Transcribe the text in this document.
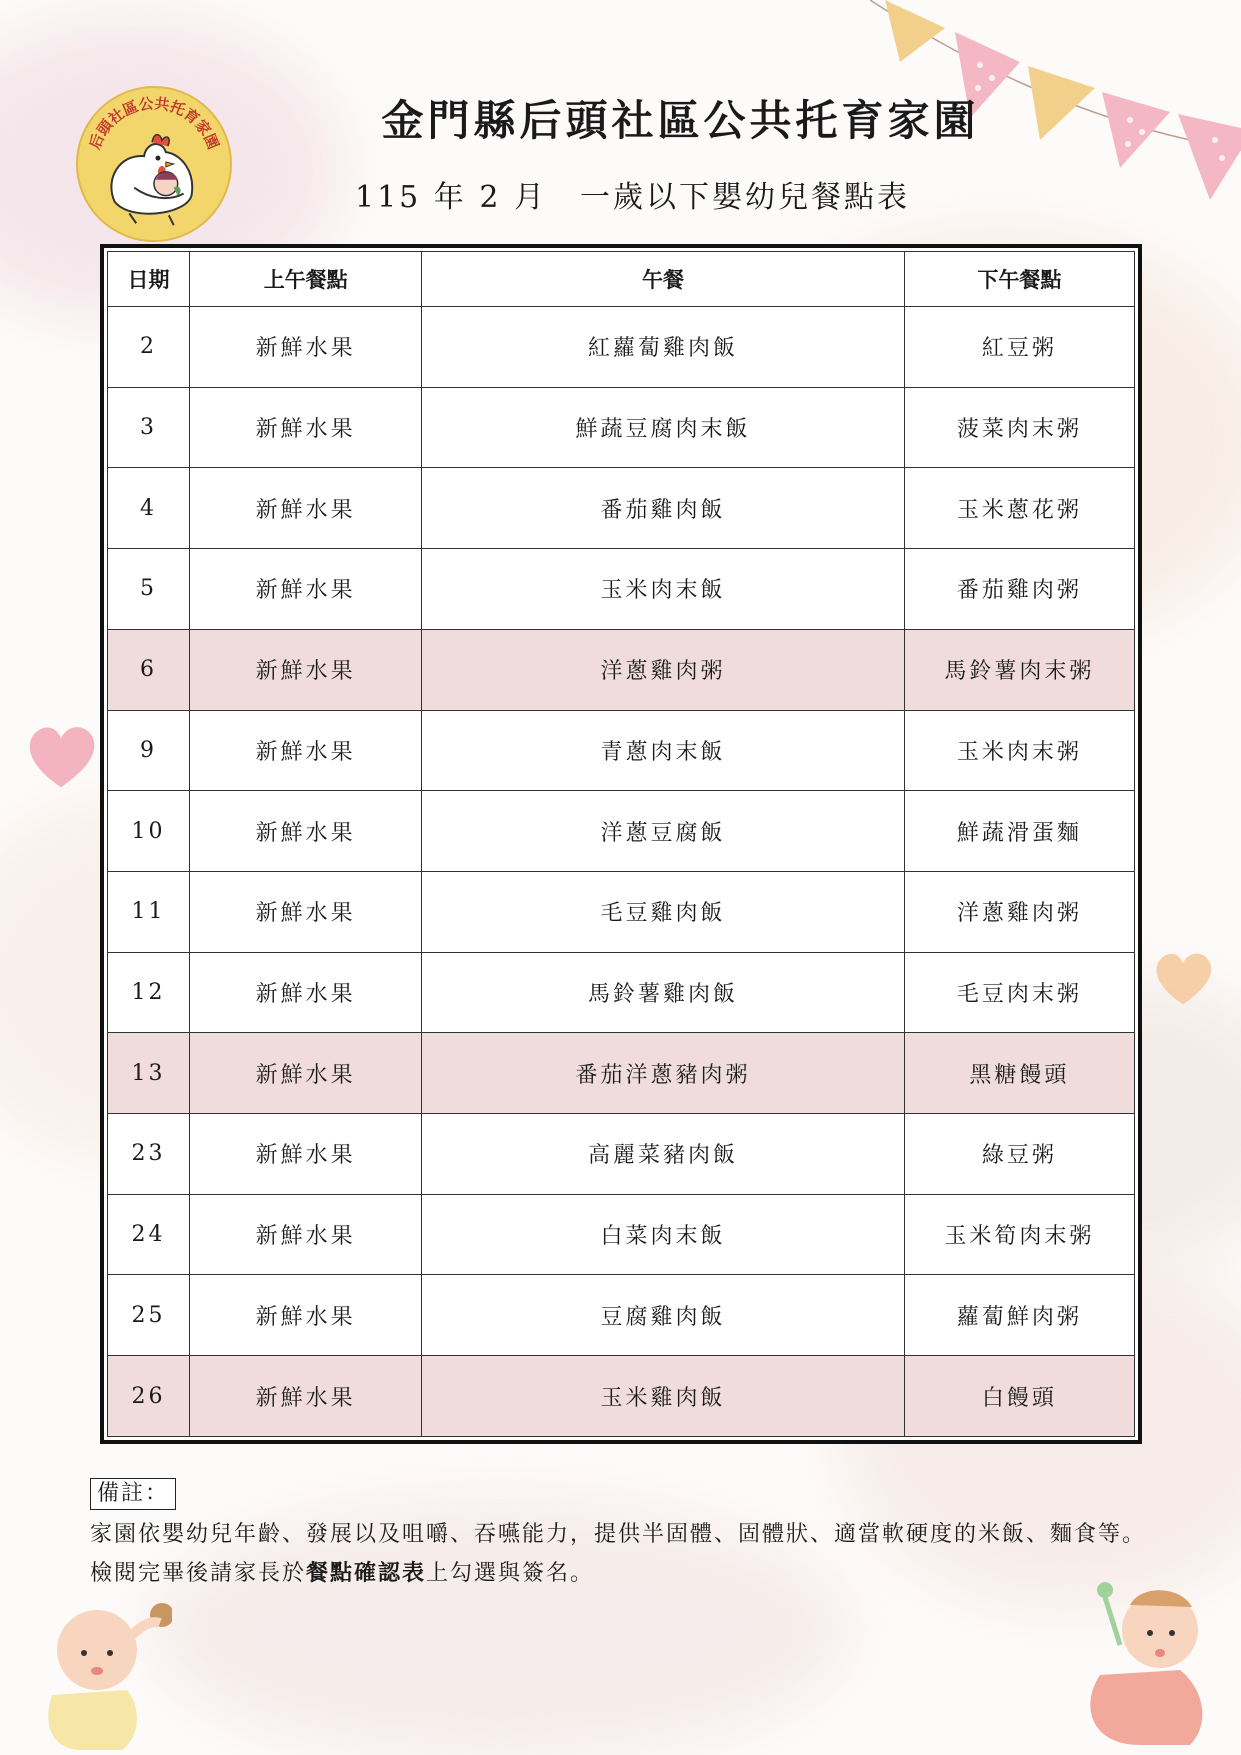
后頭社區公共托育家園	金門縣后頭社區公共托育家園
115 年 2 月　一歲以下嬰幼兒餐點表
日期	上午餐點	午餐	下午餐點
2	新鮮水果	紅蘿蔔雞肉飯	紅豆粥
3	新鮮水果	鮮蔬豆腐肉末飯	菠菜肉末粥
4	新鮮水果	番茄雞肉飯	玉米蔥花粥
5	新鮮水果	玉米肉末飯	番茄雞肉粥
6	新鮮水果	洋蔥雞肉粥	馬鈴薯肉末粥
9	新鮮水果	青蔥肉末飯	玉米肉末粥
10	新鮮水果	洋蔥豆腐飯	鮮蔬滑蛋麵
11	新鮮水果	毛豆雞肉飯	洋蔥雞肉粥
12	新鮮水果	馬鈴薯雞肉飯	毛豆肉末粥
13	新鮮水果	番茄洋蔥豬肉粥	黑糖饅頭
23	新鮮水果	高麗菜豬肉飯	綠豆粥
24	新鮮水果	白菜肉末飯	玉米筍肉末粥
25	新鮮水果	豆腐雞肉飯	蘿蔔鮮肉粥
26	新鮮水果	玉米雞肉飯	白饅頭
備註：
家園依嬰幼兒年齡、發展以及咀嚼、吞嚥能力，提供半固體、固體狀、適當軟硬度的米飯、麵食等。檢閱完畢後請家長於餐點確認表上勾選與簽名。
